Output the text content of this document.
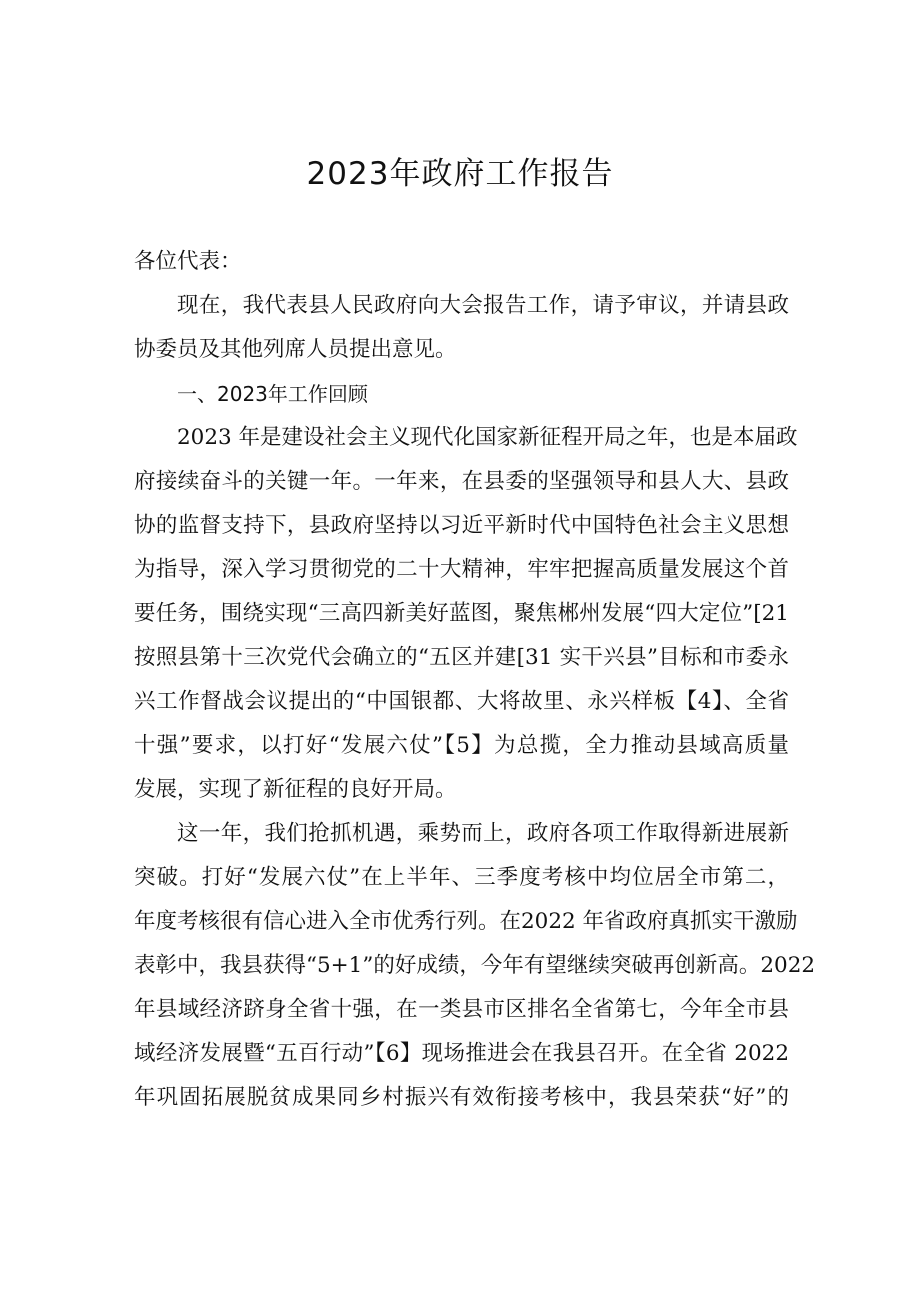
2023年政府工作报告

各位代表：

现在，我代表县人民政府向大会报告工作，请予审议，并请县政

协委员及其他列席人员提出意见。

一、2023年工作回顾

2023 年是建设社会主义现代化国家新征程开局之年，也是本届政

府接续奋斗的关键一年。一年来，在县委的坚强领导和县人大、县政

协的监督支持下，县政府坚持以习近平新时代中国特色社会主义思想

为指导，深入学习贯彻党的二十大精神，牢牢把握高质量发展这个首

要任务，围绕实现“三高四新美好蓝图，聚焦郴州发展“四大定位”[21

按照县第十三次党代会确立的“五区并建[31 实干兴县”目标和市委永

兴工作督战会议提出的“中国银都、大将故里、永兴样板【4】、全省

十强”要求，以打好“发展六仗”【5】为总揽，全力推动县域高质量

发展，实现了新征程的良好开局。

这一年，我们抢抓机遇，乘势而上，政府各项工作取得新进展新

突破。打好“发展六仗”在上半年、三季度考核中均位居全市第二，

年度考核很有信心进入全市优秀行列。在2022 年省政府真抓实干激励

表彰中，我县获得“5+1”的好成绩，今年有望继续突破再创新高。2022

年县域经济跻身全省十强，在一类县市区排名全省第七，今年全市县

域经济发展暨“五百行动”【6】现场推进会在我县召开。在全省 2022

年巩固拓展脱贫成果同乡村振兴有效衔接考核中，我县荣获“好”的
